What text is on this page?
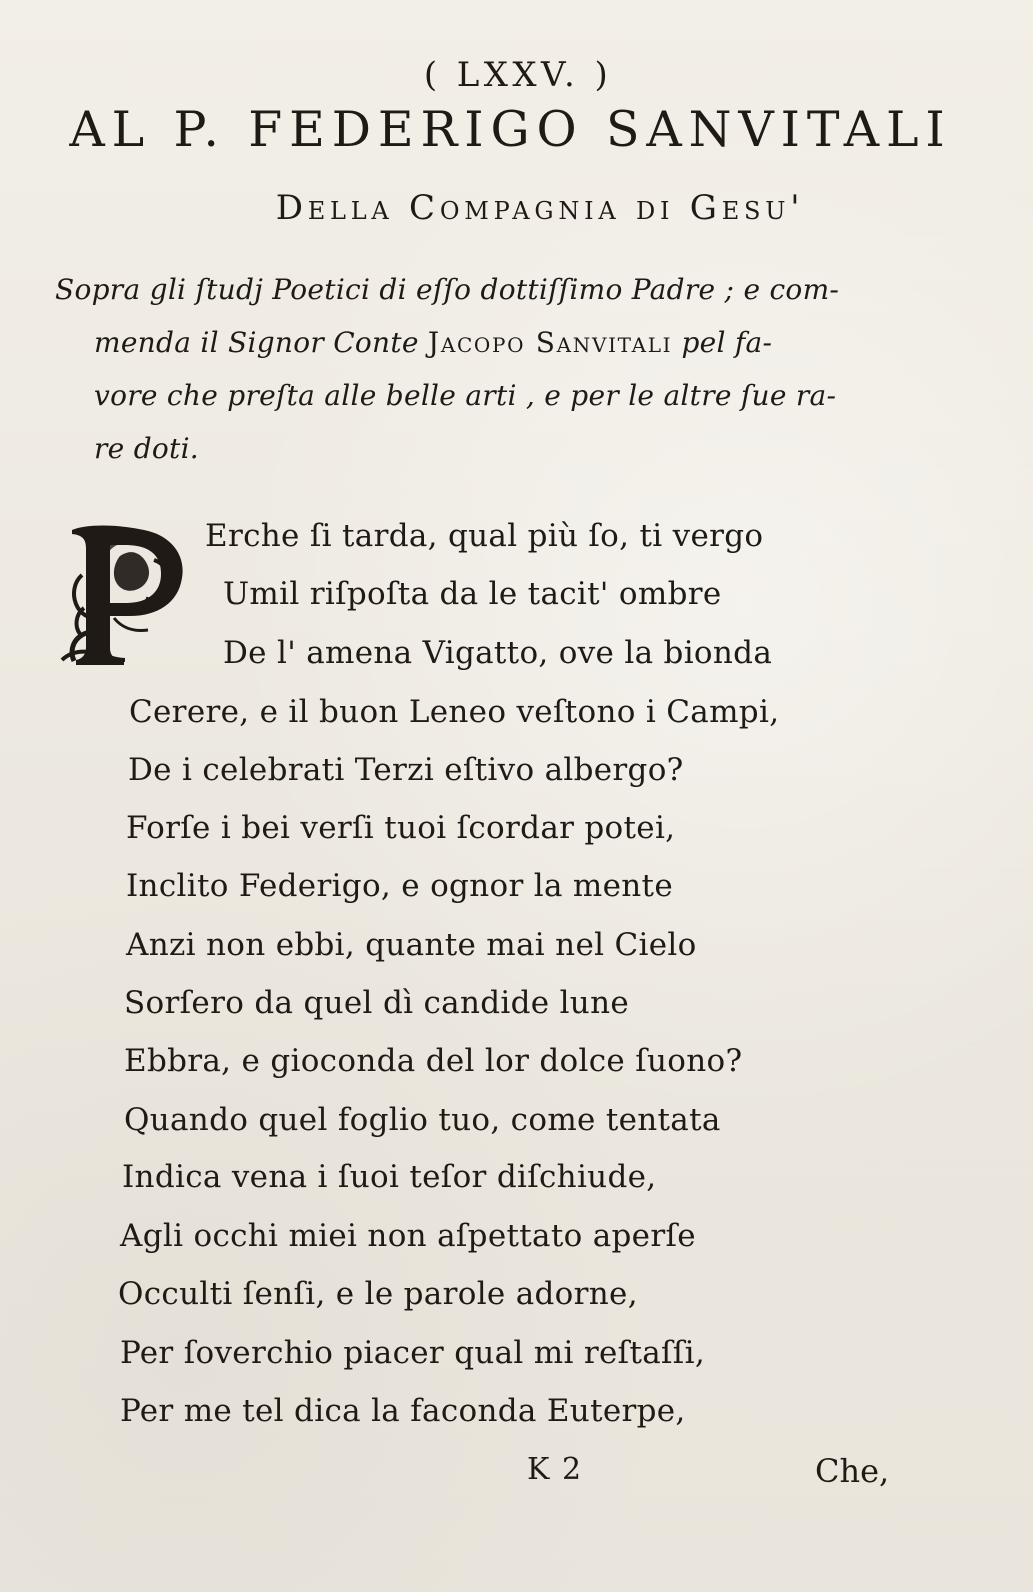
( LXXV. )
AL P. FEDERIGO SANVITALI
Della Compagnia di Gesu'
Sopra gli ſtudj Poetici di eſſo dottiſſimo Padre ; e com-
menda il Signor Conte Jacopo Sanvitali pel fa-
vore che preſta alle belle arti , e per le altre ſue ra-
re doti.
Erche ſi tarda, qual più ſo, ti vergo
Umil riſpoſta da le tacit' ombre
De l' amena Vigatto, ove la bionda
Cerere, e il buon Leneo veſtono i Campi,
De i celebrati Terzi eſtivo albergo?
Forſe i bei verſi tuoi ſcordar potei,
Inclito Federigo, e ognor la mente
Anzi non ebbi, quante mai nel Cielo
Sorſero da quel dì candide lune
Ebbra, e gioconda del lor dolce ſuono?
Quando quel foglio tuo, come tentata
Indica vena i ſuoi teſor diſchiude,
Agli occhi miei non aſpettato aperſe
Occulti ſenſi, e le parole adorne,
Per ſoverchio piacer qual mi reſtaſſi,
Per me tel dica la faconda Euterpe,
K 2	Che,
